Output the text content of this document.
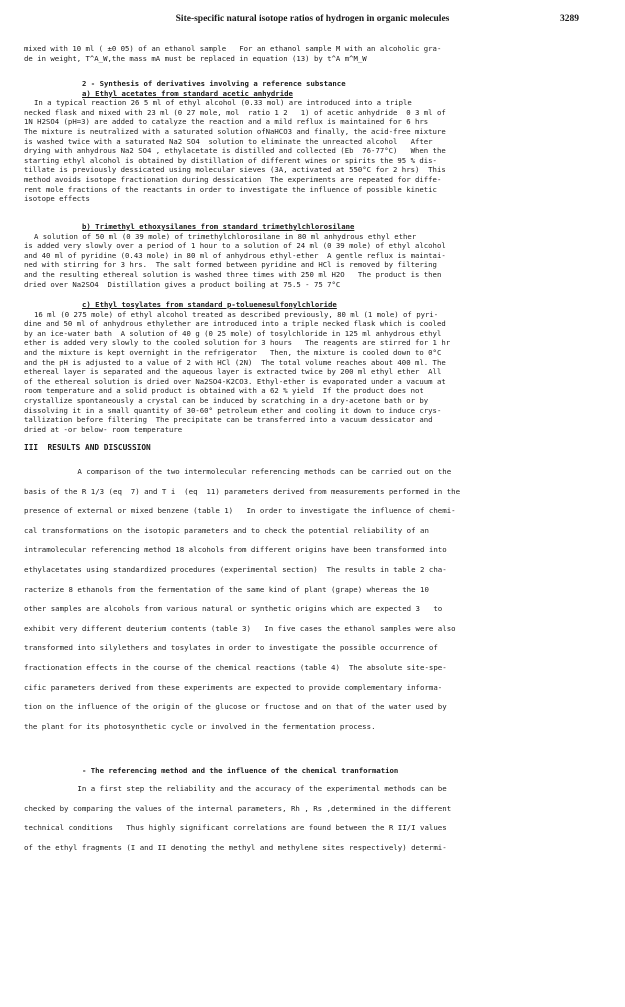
Site-specific natural isotope ratios of hydrogen in organic molecules	3289
mixed with 10 ml ( ±0 05) of an ethanol sample   For an ethanol sample M with an alcoholic gra-
de in weight, T^A_W,the mass mA must be replaced in equation (13) by t^A m^M_W
2 - Synthesis of derivatives involving a reference substance
a) Ethyl acetates from standard acetic anhydride
In a typical reaction 26 5 ml of ethyl alcohol (0.33 mol) are introduced into a triple
necked flask and mixed with 23 ml (0 27 mole, mol  ratio 1 2   1) of acetic anhydride  0 3 ml of
1N H2SO4 (pH=3) are added to catalyze the reaction and a mild reflux is maintained for 6 hrs
The mixture is neutralized with a saturated solution ofNaHCO3 and finally, the acid-free mixture
is washed twice with a saturated Na2 SO4  solution to eliminate the unreacted alcohol   After
drying with anhydrous Na2 SO4 , ethylacetate is distilled and collected (Eb  76-77°C)   When the
starting ethyl alcohol is obtained by distillation of different wines or spirits the 95 % dis-
tillate is previously dessicated using molecular sieves (3A, activated at 550°C for 2 hrs)  This
method avoids isotope fractionation during dessication  The experiments are repeated for diffe-
rent mole fractions of the reactants in order to investigate the influence of possible kinetic
isotope effects
b) Trimethyl ethoxysilanes from standard trimethylchlorosilane
A solution of 50 ml (0 39 mole) of trimethylchlorosilane in 80 ml anhydrous ethyl ether
is added very slowly over a period of 1 hour to a solution of 24 ml (0 39 mole) of ethyl alcohol
and 40 ml of pyridine (0.43 mole) in 80 ml of anhydrous ethyl-ether  A gentle reflux is maintai-
ned with stirring for 3 hrs.  The salt formed between pyridine and HCl is removed by filtering
and the resulting ethereal solution is washed three times with 250 ml H2O   The product is then
dried over Na2SO4  Distillation gives a product boiling at 75.5 - 75 7°C
c) Ethyl tosylates from standard p-toluenesulfonylchloride
16 ml (0 275 mole) of ethyl alcohol treated as described previously, 80 ml (1 mole) of pyri-
dine and 50 ml of anhydrous ethylether are introduced into a triple necked flask which is cooled
by an ice-water bath  A solution of 40 g (0 25 mole) of tosylchloride in 125 ml anhydrous ethyl
ether is added very slowly to the cooled solution for 3 hours   The reagents are stirred for 1 hr
and the mixture is kept overnight in the refrigerator   Then, the mixture is cooled down to 0°C
and the pH is adjusted to a value of 2 with HCl (2N)  The total volume reaches about 400 ml. The
ethereal layer is separated and the aqueous layer is extracted twice by 200 ml ethyl ether  All
of the ethereal solution is dried over Na2SO4-K2CO3. Ethyl-ether is evaporated under a vacuum at
room temperature and a solid product is obtained with a 62 % yield  If the product does not
crystallize spontaneously a crystal can be induced by scratching in a dry-acetone bath or by
dissolving it in a small quantity of 30-60° petroleum ether and cooling it down to induce crys-
tallization before filtering  The precipitate can be transferred into a vacuum dessicator and
dried at -or below- room temperature
III  RESULTS AND DISCUSSION
A comparison of the two intermolecular referencing methods can be carried out on the
basis of the R 1/3 (eq  7) and T i  (eq  11) parameters derived from measurements performed in the
presence of external or mixed benzene (table 1)   In order to investigate the influence of chemi-
cal transformations on the isotopic parameters and to check the potential reliability of an
intramolecular referencing method 18 alcohols from different origins have been transformed into
ethylacetates using standardized procedures (experimental section)  The results in table 2 cha-
racterize 8 ethanols from the fermentation of the same kind of plant (grape) whereas the 10
other samples are alcohols from various natural or synthetic origins which are expected 3   to
exhibit very different deuterium contents (table 3)   In five cases the ethanol samples were also
transformed into silylethers and tosylates in order to investigate the possible occurrence of
fractionation effects in the course of the chemical reactions (table 4)  The absolute site-spe-
cific parameters derived from these experiments are expected to provide complementary informa-
tion on the influence of the origin of the glucose or fructose and on that of the water used by
the plant for its photosynthetic cycle or involved in the fermentation process.
- The referencing method and the influence of the chemical tranformation
In a first step the reliability and the accuracy of the experimental methods can be
checked by comparing the values of the internal parameters, Rh , Rs ,determined in the different
technical conditions   Thus highly significant correlations are found between the R II/I values
of the ethyl fragments (I and II denoting the methyl and methylene sites respectively) determi-
